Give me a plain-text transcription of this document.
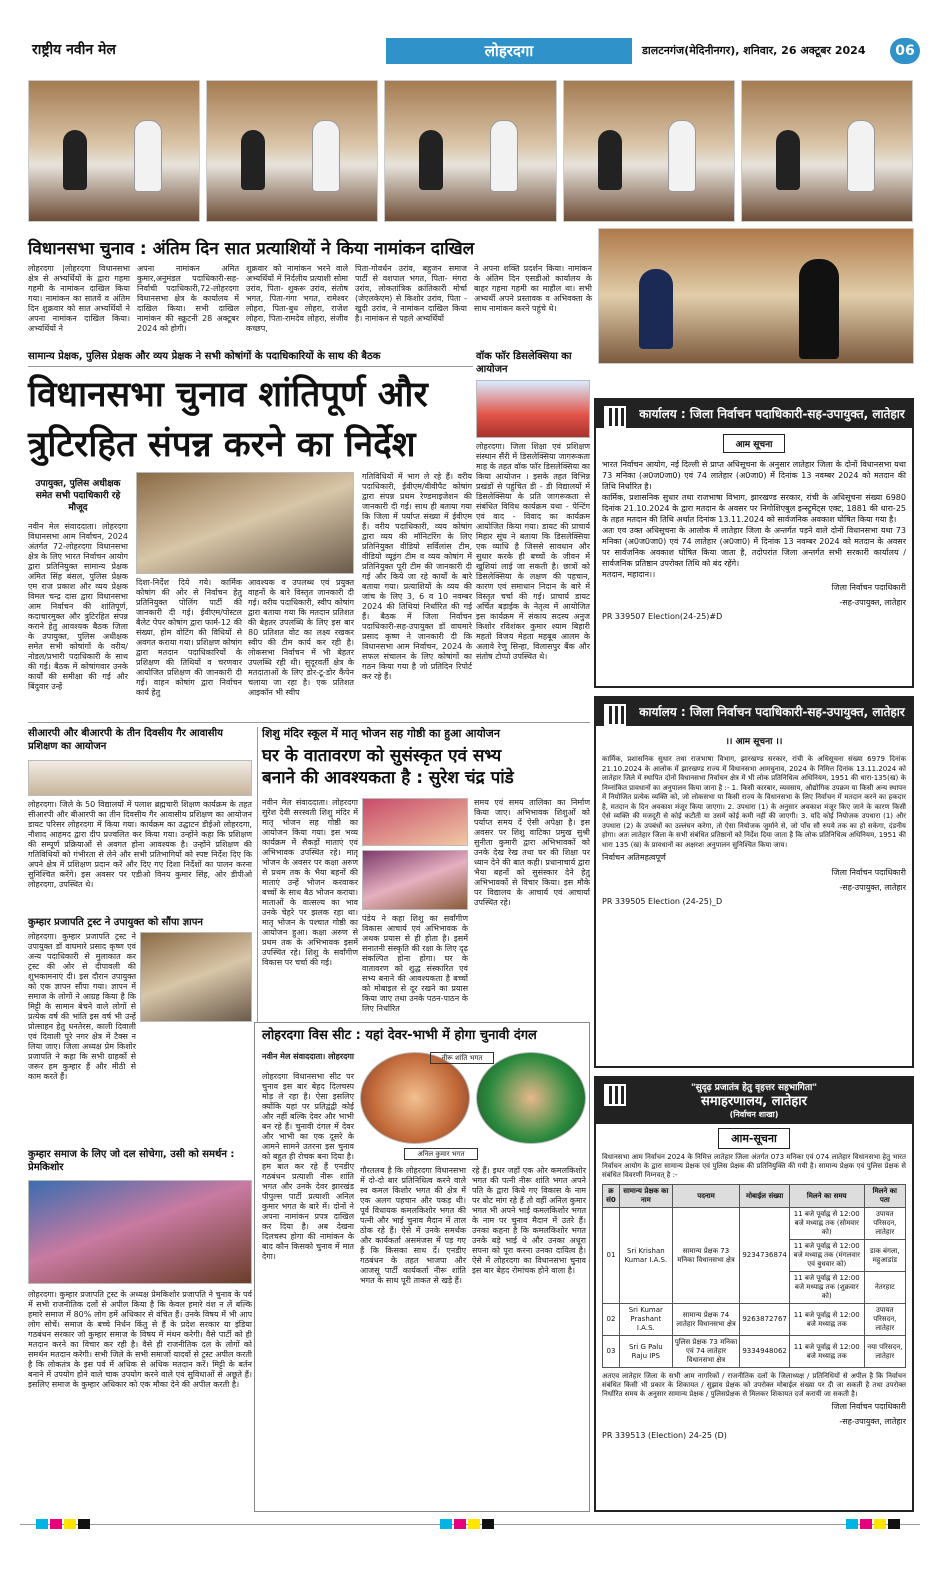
राष्ट्रीय नवीन मेल	लोहरदगा	डालटनगंज(मेदिनीनगर), शनिवार, 26 अक्टूबर 2024	06
विधानसभा चुनाव : अंतिम दिन सात प्रत्याशियों ने किया नामांकन दाखिल
लोहरदगा |लोहरदगा विधानसभा क्षेत्र से अभ्यर्थियों के द्वारा गहमा गहमी के नामांकन दाखिल किया गया। नामांकन का सातवें व अंतिम दिन शुक्रवार को सात अभ्यर्थियों ने अपना नामांकन दाखिल किया। अभ्यर्थियों ने
अपना नामांकन अमित कुमार,अनुमंडल पदाधिकारी-सह-निर्वाची पदाधिकारी,72-लोहरदगा विधानसभा क्षेत्र के कार्यालय में दाखिल किया। सभी दाखिल नामांकन की स्क्रूटनी 28 अक्टूबर 2024 को होगी।
शुक्रवार को नामांकन भरने वाले अभ्यर्थियों में निर्दलीय प्रत्याशी सोमा उरांव, पिता- शुकरू उरांव, संतोष भगत, पिता-गंगा भगत, रामेश्वर लोहरा, पिता-बुध लोहरा, राजेश लोहरा, पिता-रामदेव लोहरा, संजीव कच्छप,
पिता-गोवर्धन उरांव, बहुजन समाज पार्टी से वशपाल भगत, पिता- मंगरा उरांव, लोकतांत्रिक क्रांतिकारी मोर्चा (जेएलकेएम) से किशोर उरांव, पिता - खुदी उरांव, ने नामांकन दाखिल किया है। नामांकन से पहले अभ्यर्थियों
ने अपना शक्ति प्रदर्शन किया। नामांकन के अंतिम दिन एसडीओ कार्यालय के बाहर गहमा गहमी का माहौल था। सभी अभ्यर्थी अपने प्रस्तावक व अभिवक्ता के साथ नामांकन करने पहुंचे थे।
सामान्य प्रेक्षक, पुलिस प्रेक्षक और व्यय प्रेक्षक ने सभी कोषांगों के पदाधिकारियों के साथ की बैठक
विधानसभा चुनाव शांतिपूर्ण और
त्रुटिरहित संपन्न करने का निर्देश
उपायुक्त, पुलिस अधीक्षक समेत सभी पदाधिकारी रहे मौजूद
नवीन मेल संवाददाता। लोहरदगा विधानसभा आम निर्वाचन, 2024 अंतर्गत 72-लोहरदगा विधानसभा क्षेत्र के लिए भारत निर्वाचन आयोग द्वारा प्रतिनियुक्त सामान्य प्रेक्षक अमित सिंह बंसल, पुलिस प्रेक्षक एम राज प्रकाश और व्यय प्रेक्षक विमल चन्द्र दास द्वारा विधानसभा आम निर्वाचन की शांतिपूर्ण, कदाचारमुक्त और त्रुटिरहित संपन्न कराने हेतु आवश्यक बैठक जिला के उपायुक्त, पुलिस अधीक्षक समेत सभी कोषांगों के वरीय/नोडल/प्रभारी पदाधिकारी के साथ की गई। बैठक में कोषांगवार उनके कार्यों की समीक्षा की गई और बिंदुवार उन्हें
दिशा-निर्देश दिये गये। कार्मिक कोषांग की ओर से निर्वाचन हेतु प्रतिनियुक्त पोलिंग पार्टी की जानकारी दी गई। ईवीएम/पोस्टल बैलेट पेपर कोषांग द्वारा फार्म-12 की संख्या, होम वोटिंग की विधियों से अवगत कराया गया। प्रशिक्षण कोषांग द्वारा मतदान पदाधिकारियों के प्रशिक्षण की तिथियों व चरणवार आयोजित प्रशिक्षण की जानकारी दी गई। वाहन कोषांग द्वारा निर्वाचन कार्य हेतु
आवश्यक व उपलब्ध एवं प्रयुक्त वाहनों के बारे विस्तृत जानकारी दी गई। वरीय पदाधिकारी, स्वीप कोषांग द्वारा बताया गया कि मतदान प्रतिशत की बेहतर उपलब्धि के लिए इस बार 80 प्रतिशत वोट का लक्ष्य रखकर स्वीप की टीम कार्य कर रही है। लोकसभा निर्वाचन में भी बेहतर उपलब्धि रही थी। सुदूरवर्ती क्षेत्र के मतदाताओं के लिए डोर-टू-डोर कैंपेन चलाया जा रहा है। एक प्रतिशत आइकॉन भी स्वीप
गतिविधियों में भाग ले रहे हैं। वरीय पदाधिकारी, ईवीएम/वीवीपैट कोषांग द्वारा संपन्न प्रथम रेण्डमाइजेशन की जानकारी दी गई। साथ ही बताया गया कि जिला में पर्याप्त संख्या में ईवीएम हैं। वरीय पदाधिकारी, व्यय कोषांग द्वारा व्यय की मॉनिटरिंग के लिए प्रतिनियुक्त वीडियो सर्विलांस टीम, वीडियो व्यूइंग टीम व व्यय कोषांग में प्रतिनियुक्त पूरी टीम की जानकारी दी गई और किये जा रहे कार्यों के बारे बताया गया। प्रत्याशियों के व्यय की जांच के लिए 3, 6 व 10 नवम्बर 2024 की तिथियां निर्धारित की गई हैं। बैठक में जिला निर्वाचन पदाधिकारी-सह-उपायुक्त डॉ वाघमारे प्रसाद कृष्ण ने जानकारी दी कि विधानसभा आम निर्वाचन, 2024 के सफल संचालन के लिए कोषांगों का गठन किया गया है जो प्रतिदिन रिपोर्ट कर रहे हैं।
वॉक फॉर डिसलेक्सिया का आयोजन
लोहरदगा। जिला शिक्षा एवं प्रशिक्षण संस्थान सैंरी में डिसलेक्सिया जागरूकता माह के तहत वॉक फॉर डिसलेक्सिया का किया आयोजन । इसके तहत विभिन्न प्रखंडों से पहुंचित डी - डी विद्यालयों में डिसलेक्सिया के प्रति जागरूकता से संबंधित विविध कार्यक्रम यथा - पेन्टिंग एवं वाद - विवाद का कार्यक्रम आयोजित किया गया। डायट की प्राचार्य मिहार सूंघ ने बताया कि डिसलेक्सिया एक व्याधि है जिससे सावधान और सुधार करके ही बच्चों के जीवन में खुशियां लाई जा सकती है। छात्रों को डिसलेक्सिया के लक्षण की पहचान, कारण एवं समाधान निदान के बारे में विस्तृत चर्चा की गई। प्राचार्य डायट अर्चित बड़ाईक के नेतृत्व में आयोजित इस कार्यक्रम में संकाय सदस्य अनुज किशोर रविशंकर कुमार श्याम बिहारी महतो विजय मेहता महबूब आलम के अलावे रेणु सिन्हा, विलासपुर बैंक और संतोष टोप्पो उपस्थित थे।
सीआरपी और बीआरपी के तीन दिवसीय गैर आवासीय प्रशिक्षण का आयोजन
लोहरदगा। जिले के 50 विद्यालयों में पलाश ब्रह्मचारी शिक्षण कार्यक्रम के तहत सीआरपी और बीआरपी का तीन दिवसीय गैर आवासीय प्रशिक्षण का आयोजन डायट परिसर लोहरदगा में किया गया। कार्यक्रम का उद्घाटन डीईओ लोहरदगा, नौशाद आहमद द्वारा दीप प्रज्वलित कर किया गया। उन्होंने कहा कि प्रशिक्षण की सम्पूर्ण प्रक्रियाओं से अवगत होना आवश्यक है। उन्होंने प्रशिक्षण की गतिविधियों को गंभीरता से लेने और सभी प्रतिभागियों को स्पष्ट निर्देश दिए कि अपने क्षेत्र में प्रशिक्षण प्रदान करें और दिए गए दिशा निर्देशों का पालन करना सुनिश्चित करेंगे। इस अवसर पर एडीओ विनय कुमार सिंह, ओर डीपीओ लोहरदगा, उपस्थित थे।
कुम्हार प्रजापति ट्रस्ट ने उपायुक्त को सौंपा ज्ञापन
लोहरदगा। कुम्हार प्रजापति ट्रस्ट ने उपायुक्त डॉ वाघमारे प्रसाद कृष्ण एवं अन्य पदाधिकारी से मुलाकात कर ट्रस्ट की ओर से दीपावली की शुभकामनाएं दी। इस दौरान उपायुक्त को एक ज्ञापन सौंपा गया। ज्ञापन में समाज के लोगों ने आग्रह किया है कि मिट्टी के सामान बेचने वाले लोगों से प्रत्येक वर्ष की भांति इस वर्ष भी उन्हें प्रोत्साहन हेतु धनतेरस, काली दिवाली एवं दिवाली पूरे नगर क्षेत्र में टैक्स न लिया जाए। जिला अध्यक्ष प्रेम किशोर प्रजापति ने कहा कि सभी ग्राहकों से जरूर हम कुम्हार हैं और मीठी से काम करते हैं।
कुम्हार समाज के लिए जो दल सोचेगा, उसी को समर्थन : प्रेमकिशोर
लोहरदगा। कुम्हार प्रजापति ट्रस्ट के अध्यक्ष प्रेमकिशोर प्रजापति ने चुनाव के पर्व में सभी राजनीतिक दलों से अपील किया है कि केवल हमारे वंश न लें बल्कि हमारे समाज में 80% लोग हमें अधिकार से वंचित हैं। उनके विषय में भी आप लोग सोचें। समाज के बच्चे निर्धन किंतु से हैं के प्रदेश सरकार या इंडिया गठबंधन सरकार जो कुम्हार समाज के विषय में मंथन करेगी। वैसे पार्टी को ही मतदान करने का विचार कर रही है। वैसे ही राजनीतिक दल के लोगों को समर्थन मतदान करेगी। सभी जिले के सभी समाजों यादवों से ट्रस्ट अपील करती है कि लोकतंत्र के इस पर्व में अधिक से अधिक मतदान करें। मिट्टी के बर्तन बनाने में उपयोग होने वाले चाक उपयोग करने वाले एवं सुविधाओं से अछूते हैं। इसलिए समाज के कुम्हार अधिकार को एक मौका देने की अपील करती है।
शिशु मंदिर स्कूल में मातृ भोजन सह गोष्ठी का हुआ आयोजन
घर के वातावरण को सुसंस्कृत एवं सभ्य
बनाने की आवश्यकता है : सुरेश चंद्र पांडे
नवीन मेल संवाददाता। लोहरदगा सुरेश देवी सरस्वती शिशु मंदिर में मातृ भोजन सह गोष्ठी का आयोजन किया गया। इस भव्य कार्यक्रम में सैकड़ों माताएं एवं अभिभावक उपस्थित रहे। मातृ भोजन के अवसर पर कक्षा अरुण से प्रथम तक के भैया बहनों की माताएं उन्हें भोजन करवाकर बच्चों के साथ बैठ भोजन कराया। माताओं के वात्सल्य का भाव उनके चेहरे पर झलक रहा था। मातृ भोजन के पश्चात गोष्ठी का आयोजन हुआ। कक्षा अरुण से प्रथम तक के अभिभावक इसमें उपस्थित रहे। शिशु के सर्वांगीण विकास पर चर्चा की गई।
पंडेय ने कहा शिशु का सर्वांगीण विकास आचार्य एवं अभिभावक के अथक प्रयास से ही होता है। इसमें सनातनी संस्कृति की रक्षा के लिए दृढ़ संकल्पित होना होगा। घर के वातावरण को शुद्ध संस्कारित एवं सभ्य बनाने की आवश्यकता है बच्चों को मोबाइल से दूर रखने का प्रयास किया जाए तथा उनके पठन-पाठन के लिए निर्धारित
समय एवं समय तालिका का निर्माण किया जाए। अभिभावक शिशुओं को पर्याप्त समय दें ऐसी अपेक्षा है। इस अवसर पर शिशु वाटिका प्रमुख सुश्री सुनीता कुमारी द्वारा अभिभावकों को उनके देख रेख तथा घर की शिक्षा पर ध्यान देने की बात कही। प्रधानाचार्य द्वारा भैया बहनों को सुसंस्कार देने हेतु अभिभावकों से विचार किया। इस मौके पर विद्यालय के आचार्य एवं आचार्या उपस्थित रहे।
लोहरदगा विस सीट : यहां देवर-भाभी में होगा चुनावी दंगल
नवीन मेल संवाददाता। लोहरदगा
लोहरदगा विधानसभा सीट पर चुनाव इस बार बेहद दिलचस्प मोड़ ले रहा है। ऐसा इसलिए क्योंकि यहां पर प्रतिद्वंद्वी कोई और नहीं बल्कि देवर और भाभी बन रहे हैं। चुनावी दंगल में देवर और भाभी का एक दूसरे के आमने सामने उतरना इस चुनाव को बहुत ही रोचक बना दिया है। हम बात कर रहे हैं एनडीए गठबंधन प्रत्याशी नीरू शांति भगत और उनके देवर झारखंड पीपुल्स पार्टी प्रत्याशी अनिल कुमार भगत के बारे में। दोनों ने अपना नामांकन प्रपत्र दाखिल कर दिया है। अब देखना दिलचस्प होगा की नामांकन के बाद कौन किसको चुनाव में मात देगा।
नीरू शांति भगत
अनिल कुमार भगत
गौरतलब है कि लोहरदगा विधानसभा में दो-दो बार प्रतिनिधित्व करने वाले स्व कमल किशोर भगत की क्षेत्र में एक अलग पहचान और पकड़ थी। पूर्व विधायक कमलकिशोर भगत की पत्नी और भाई चुनाव मैदान में ताल ठोक रहे हैं। ऐसे में उनके समर्थक और कार्यकर्ता असमंजस में पड़ गए हैं कि किसका साथ दें। एनडीए गठबंधन के तहत भाजपा और आजसू पार्टी कार्यकर्ता नीरू शांति भगत के साथ पूरी ताकत से खड़े हैं।
रहे हैं। इधर जहाँ एक ओर कमलकिशोर भगत की पत्नी नीरू शांति भगत अपने पति के द्वारा किये गए विकास के नाम पर वोट मांग रहे हैं तो वहीं अनिल कुमार भगत भी अपने भाई कमलकिशोर भगत के नाम पर चुनाव मैदान में उतरे हैं। उनका कहना है कि कमलकिशोर भगत उनके बड़े भाई थे और उनका अधूरा सपना को पूरा करना उनका दायित्व है। ऐसे में लोहरदगा का विधानसभा चुनाव इस बार बेहद रोमांचक होने वाला है।
कार्यालय : जिला निर्वाचन पदाधिकारी-सह-उपायुक्त, लातेहार
आम सूचना
भारत निर्वाचन आयोग, नई दिल्ली से प्राप्त अधिसूचना के अनुसार लातेहार जिला के दोनों विधानसभा यथा 73 मनिका (अ0ज0जा0) एवं 74 लातेहार (अ0जा0) में दिनांक 13 नवम्बर 2024 को मतदान की तिथि निर्धारित है।
कार्मिक, प्रशासनिक सुधार तथा राजभाषा विभाग, झारखण्ड सरकार, रांची के अधिसूचना संख्या 6980 दिनांक 21.10.2024 के द्वारा मतदान के अवसर पर निगोशिएबुल इन्स्ट्रूमेंट्स एक्ट, 1881 की धारा-25 के तहत मतदान की तिथि अर्थात दिनांक 13.11.2024 को सार्वजनिक अवकाश घोषित किया गया है।
अतः एव उक्त अधिसूचना के आलोक में लातेहार जिला के अन्तर्गत पड़ने वाले दोनों विधानसभा यथा 73 मनिका (अ0ज0जा0) एवं 74 लातेहार (अ0जा0) में दिनांक 13 नवम्बर 2024 को मतदान के अवसर पर सार्वजनिक अवकाश घोषित किया जाता है, तदोपरांत जिला अन्तर्गत सभी सरकारी कार्यालय / सार्वजनिक प्रतिष्ठान उपरोक्त तिथि को बंद रहेंगे।
मतदान, महादान।।
जिला निर्वाचन पदाधिकारी
-सह-उपायुक्त, लातेहार
PR 339507 Election(24-25)#D
कार्यालय : जिला निर्वाचन पदाधिकारी-सह-उपायुक्त, लातेहार
।। आम सूचना ।।
कार्मिक, प्रशासनिक सुधार तथा राजभाषा विभाग, झारखण्ड सरकार, रांची के अधिसूचना संख्या 6979 दिनांक 21.10.2024 के आलोक में झारखण्ड राज्य में विधानसभा आमचुनाव, 2024 के निमित्त दिनांक 13.11.2024 को लातेहार जिले में स्थापित दोनों विधानसभा निर्वाचन क्षेत्र में भी लोक प्रतिनिधित्व अधिनियम, 1951 की धारा-135(ख) के निम्नांकित प्रावधानों का अनुपालन किया जाना है :- 1. किसी कारबार, व्यवसाय, औद्योगिक उपक्रम या किसी अन्य स्थापन में नियोजित प्रत्येक व्यक्ति को, जो लोकसभा या किसी राज्य के विधानसभा के लिए निर्वाचन में मतदान करने का हकदार है, मतदान के दिन अवकाश मंजूर किया जाएगा। 2. उपधारा (1) के अनुसार अवकाश मंजूर किए जाने के कारण किसी ऐसे व्यक्ति की मजदूरी से कोई कटौती या उसमें कोई कमी नहीं की जाएगी। 3. यदि कोई नियोजक उपधारा (1) और उपधारा (2) के उपबंधों का उल्लंघन करेगा, तो ऐसा नियोजक जुर्माने से, जो पाँच सौ रुपये तक का हो सकेगा, दंडनीय होगा। अतः लातेहार जिला के सभी संबंधित प्रतिष्ठानों को निर्देश दिया जाता है कि लोक प्रतिनिधित्व अधिनियम, 1951 की धारा 135 (ख) के प्रावधानों का अक्षरशः अनुपालन सुनिश्चित किया जाय।
निर्वाचन अतिमहत्वपूर्ण
जिला निर्वाचन पदाधिकारी
-सह-उपायुक्त, लातेहार
PR 339505 Election (24-25)_D
"सुदृढ़ प्रजातंत्र हेतु वृहत्तर सहभागिता"
समाहरणालय, लातेहार
(निर्वाचन शाखा)
आम-सूचना
विधानसभा आम निर्वाचन 2024 के निमित्त लातेहार जिला अंतर्गत 073 मनिका एवं 074 लातेहार विधानसभा हेतु भारत निर्वाचन आयोग के द्वारा सामान्य प्रेक्षक एवं पुलिस प्रेक्षक की प्रतिनियुक्ति की गयी है। सामान्य प्रेक्षक एवं पुलिस प्रेक्षक से संबंधित विवरणी निम्नवत् है :-
क्र सं0	सामान्य प्रेक्षक का नाम	पदनाम	मोबाईल संख्या	मिलने का समय	मिलने का पता
01	Sri Krishan Kumar I.A.S.	सामान्य प्रेक्षक 73 मनिका विधानसभा क्षेत्र	9234736874	11 बजे पूर्वाह्न से 12:00 बजे मध्याह्न तक (सोमवार को)	उपायत परिसदन, लातेहार
				11 बजे पूर्वाह्न से 12:00 बजे मध्याह्न तक (मंगलवार एवं बुधवार को)	डाक बंगला, महुआडांड
				11 बजे पूर्वाह्न से 12:00 बजे मध्याह्न तक (शुक्रवार को)	नेतरहाट
02	Sri Kumar Prashant I.A.S.	सामान्य प्रेक्षक 74 लातेहार विधानसभा क्षेत्र	9263872767	11 बजे पूर्वाह्न से 12:00 बजे मध्याह्न तक	उपायत परिसदन, लातेहार
03	Sri G Palu Raju IPS	पुलिस प्रेक्षक 73 मनिका एवं 74 लातेहार विधानसभा क्षेत्र	9334948062	11 बजे पूर्वाह्न से 12:00 बजे मध्याह्न तक	नया परिसदन, लातेहार
अतएव लातेहार जिला के सभी आम नागरिकों / राजनीतिक दलों के जिलाध्यक्ष / प्रतिनिधियों से अपील है कि निर्वाचन संबंधित किसी भी प्रकार के शिकायत / सुझाव प्रेक्षक को उपरोक्त मोबाईल संख्या पर दी जा सकती है तथा उपरोक्त निर्धारित समय के अनुसार सामान्य प्रेक्षक / पुलिसप्रेक्षक से मिलकर शिकायत दर्ज करायी जा सकती है।
जिला निर्वाचन पदाधिकारी
-सह-उपायुक्त, लातेहार
PR 339513 (Election) 24-25 (D)
